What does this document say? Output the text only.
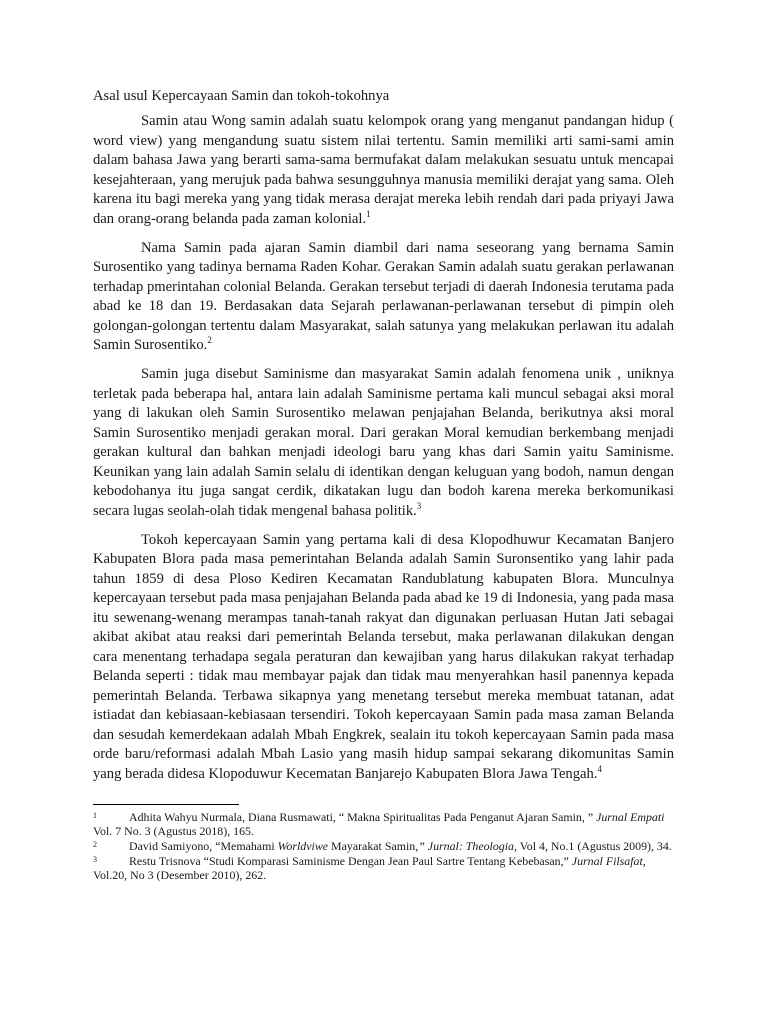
Asal usul Kepercayaan Samin dan tokoh-tokohnya

Samin atau Wong samin adalah suatu kelompok orang yang menganut pandangan hidup ( word view) yang mengandung suatu sistem nilai tertentu. Samin memiliki arti sami-sami amin dalam bahasa Jawa yang berarti sama-sama bermufakat dalam melakukan sesuatu untuk mencapai kesejahteraan, yang merujuk pada bahwa sesungguhnya manusia memiliki derajat yang sama. Oleh karena itu bagi mereka yang yang tidak merasa derajat mereka lebih rendah dari pada priyayi Jawa dan orang-orang belanda pada zaman kolonial.$^1$

Nama Samin pada ajaran Samin diambil dari nama seseorang yang bernama Samin Surosentiko yang tadinya bernama Raden Kohar. Gerakan Samin adalah suatu gerakan perlawanan terhadap pmerintahan colonial Belanda. Gerakan tersebut terjadi di daerah Indonesia terutama pada abad ke 18 dan 19. Berdasakan data Sejarah perlawanan-perlawanan tersebut di pimpin oleh golongan-golongan tertentu dalam Masyarakat, salah satunya yang melakukan perlawan itu adalah Samin Surosentiko.$^2$

Samin juga disebut Saminisme dan masyarakat Samin adalah fenomena unik , uniknya terletak pada beberapa hal, antara lain adalah Saminisme pertama kali muncul sebagai aksi moral yang di lakukan oleh Samin Surosentiko melawan penjajahan Belanda, berikutnya aksi moral Samin Surosentiko menjadi gerakan moral. Dari gerakan Moral kemudian berkembang menjadi gerakan kultural dan bahkan menjadi ideologi baru yang khas dari Samin yaitu Saminisme. Keunikan yang lain adalah Samin selalu di identikan dengan keluguan yang bodoh, namun dengan kebodohanya itu juga sangat cerdik, dikatakan lugu dan bodoh karena mereka berkomunikasi secara lugas seolah-olah tidak mengenal bahasa politik.$^3$

Tokoh kepercayaan Samin yang pertama kali di desa Klopodhuwur Kecamatan Banjero Kabupaten Blora pada masa pemerintahan Belanda adalah Samin Suronsentiko yang lahir pada tahun 1859 di desa Ploso Kediren Kecamatan Randublatung kabupaten Blora. Munculnya kepercayaan tersebut pada masa penjajahan Belanda pada abad ke 19 di Indonesia, yang pada masa itu sewenang-wenang merampas tanah-tanah rakyat dan digunakan perluasan Hutan Jati sebagai akibat akibat atau reaksi dari pemerintah Belanda tersebut, maka perlawanan dilakukan dengan cara menentang terhadapa segala peraturan dan kewajiban yang harus dilakukan rakyat terhadap Belanda seperti : tidak mau membayar pajak dan tidak mau menyerahkan hasil panennya kepada pemerintah Belanda. Terbawa sikapnya yang menetang tersebut mereka membuat tatanan, adat istiadat dan kebiasaan-kebiasaan tersendiri. Tokoh kepercayaan Samin pada masa zaman Belanda dan sesudah kemerdekaan adalah Mbah Engkrek, sealain itu tokoh kepercayaan Samin pada masa orde baru/reformasi adalah Mbah Lasio yang masih hidup sampai sekarang dikomunitas Samin yang berada didesa Klopoduwur Kecematan Banjarejo Kabupaten Blora Jawa Tengah.$^4$

1	Adhita Wahyu Nurmala, Diana Rusmawati, “ Makna Spiritualitas Pada Penganut Ajaran Samin, ” Jurnal Empati Vol. 7 No. 3 (Agustus 2018), 165.

2	David Samiyono, “Memahami Worldviwe Mayarakat Samin,” Jurnal: Theologia, Vol 4, No.1 (Agustus 2009), 34.

3	Restu Trisnova “Studi Komparasi Saminisme Dengan Jean Paul Sartre Tentang Kebebasan,” Jurnal Filsafat, Vol.20, No 3 (Desember 2010), 262.
